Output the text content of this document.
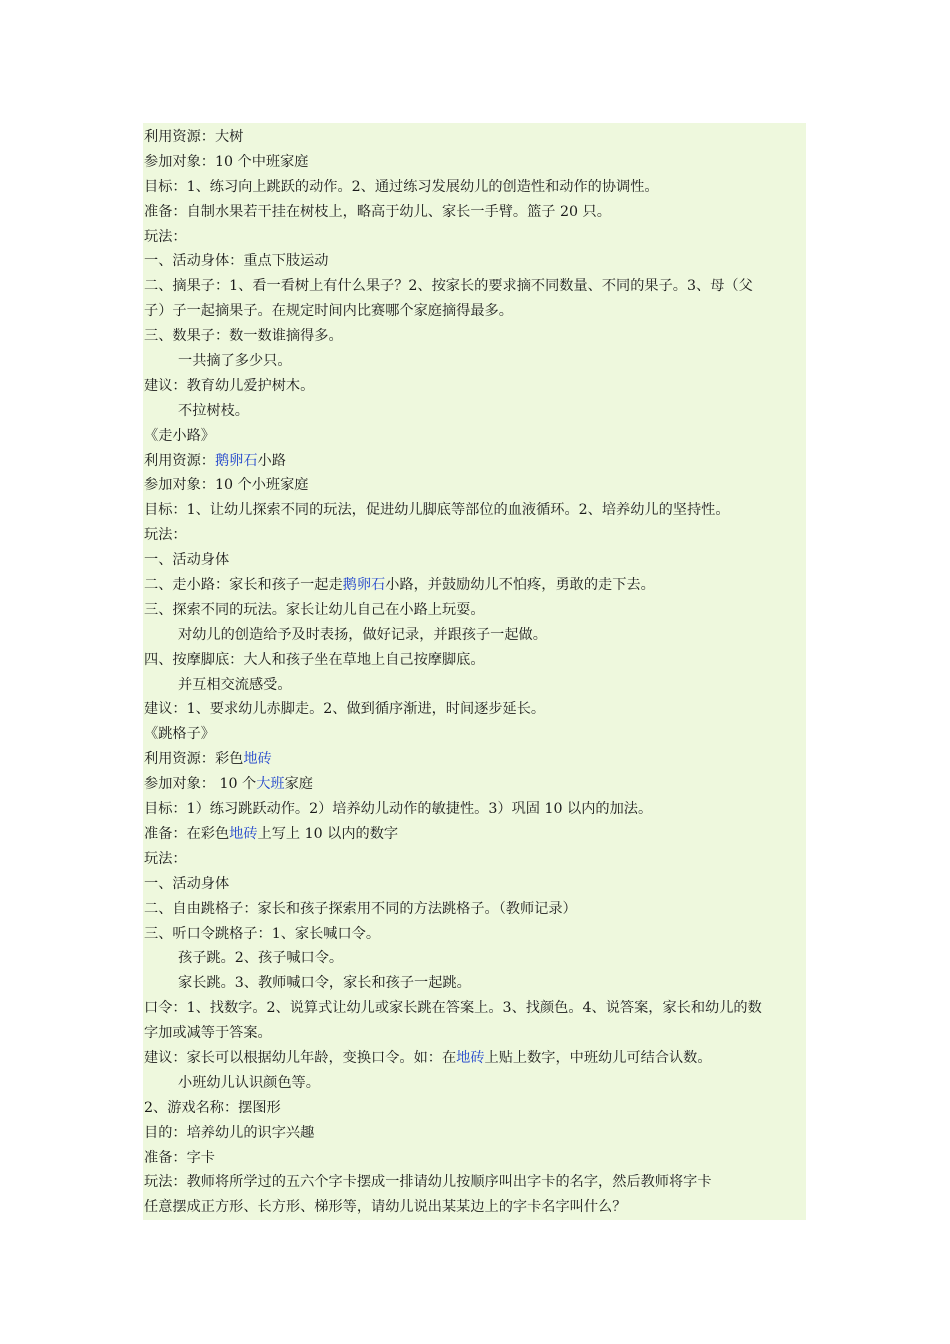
利用资源：大树
参加对象：10 个中班家庭
目标：1、练习向上跳跃的动作。2、通过练习发展幼儿的创造性和动作的协调性。
准备：自制水果若干挂在树枝上，略高于幼儿、家长一手臂。篮子 20 只。
玩法：
一、活动身体：重点下肢运动
二、摘果子：1、看一看树上有什么果子？2、按家长的要求摘不同数量、不同的果子。3、母（父
子）子一起摘果子。在规定时间内比赛哪个家庭摘得最多。
三、数果子：数一数谁摘得多。
一共摘了多少只。
建议：教育幼儿爱护树木。
不拉树枝。
《走小路》
利用资源：鹅卵石小路
参加对象：10 个小班家庭
目标：1、让幼儿探索不同的玩法，促进幼儿脚底等部位的血液循环。2、培养幼儿的坚持性。
玩法：
一、活动身体
二、走小路：家长和孩子一起走鹅卵石小路，并鼓励幼儿不怕疼，勇敢的走下去。
三、探索不同的玩法。家长让幼儿自己在小路上玩耍。
对幼儿的创造给予及时表扬，做好记录，并跟孩子一起做。
四、按摩脚底：大人和孩子坐在草地上自己按摩脚底。
并互相交流感受。
建议：1、要求幼儿赤脚走。2、做到循序渐进，时间逐步延长。
《跳格子》
利用资源：彩色地砖
参加对象： 10 个大班家庭
目标：1）练习跳跃动作。2）培养幼儿动作的敏捷性。3）巩固 10 以内的加法。
准备：在彩色地砖上写上 10 以内的数字
玩法：
一、活动身体
二、自由跳格子：家长和孩子探索用不同的方法跳格子。（教师记录）
三、听口令跳格子：1、家长喊口令。
孩子跳。2、孩子喊口令。
家长跳。3、教师喊口令，家长和孩子一起跳。
口令：1、找数字。2、说算式让幼儿或家长跳在答案上。3、找颜色。4、说答案，家长和幼儿的数
字加或减等于答案。
建议：家长可以根据幼儿年龄，变换口令。如：在地砖上贴上数字，中班幼儿可结合认数。
小班幼儿认识颜色等。
2、游戏名称：摆图形
目的：培养幼儿的识字兴趣
准备：字卡
玩法：教师将所学过的五六个字卡摆成一排请幼儿按顺序叫出字卡的名字，然后教师将字卡
任意摆成正方形、长方形、梯形等，请幼儿说出某某边上的字卡名字叫什么？
